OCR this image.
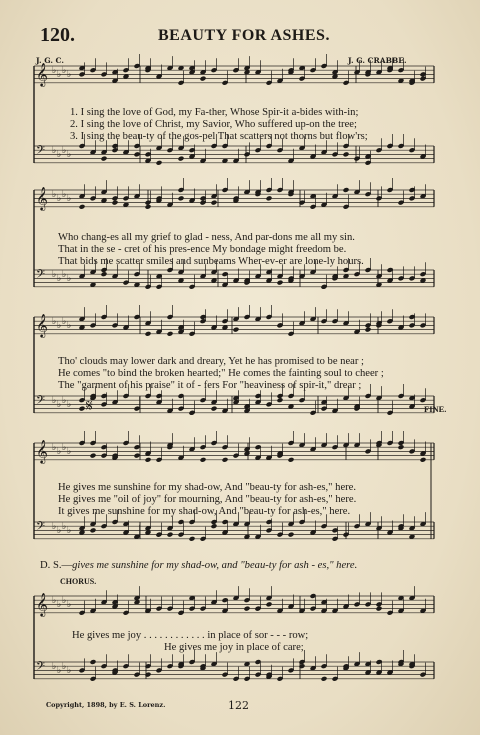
120.	BEAUTY FOR ASHES.
J. G. C.	J. G. CRABBE.
𝄞 ♭ ♭ ♭ ♭
𝄢 ♭ ♭ ♭ ♭
𝄞 ♭ ♭ ♭ ♭
𝄢 ♭ ♭ ♭ ♭
𝄞 ♭ ♭ ♭ ♭
𝄢 ♭ ♭ ♭ ♭
𝄞 ♭ ♭ ♭ ♭
𝄢 ♭ ♭ ♭ ♭
𝄞 ♭ ♭ ♭ ♭
𝄢 ♭ ♭ ♭ ♭
1. I sing the love of God, my Fa-ther, Whose Spir-it a-bides with-in;
2. I sing the love of Christ, my Savior, Who suffered up-on the tree;
3. I sing the beau-ty of the gos-pel That scatters not thorns but flow'rs;
Who chang-es all my grief to glad - ness, And par-dons me all my sin.
That in the se - cret of his pres-ence My bondage might freedom be.
That bids me scatter smiles and sunbeams Wher-ev-er are lone-ly hours.
Tho' clouds may lower dark and dreary, Yet he has promised to be near ;
He comes "to bind the broken hearted;" He comes the fainting soul to cheer ;
The "garment of his praise" it of - fers For "heaviness of spir-it," drear ;
𝄋	FINE.
He gives me sunshine for my shad-ow, And "beau-ty for ash-es," here.
He gives me "oil of joy" for mourning, And "beau-ty for ash-es," here.
It gives me sunshine for my shad-ow, And "beau-ty for ash-es," here.
D. S.—gives me sunshine for my shad-ow, and "beau-ty for ash - es," here.
CHORUS.
He gives me joy . . . . . . . . . . . . in place of sor - - - row;
He gives me joy in place of care;
Copyright, 1898, by E. S. Lorenz.	122
